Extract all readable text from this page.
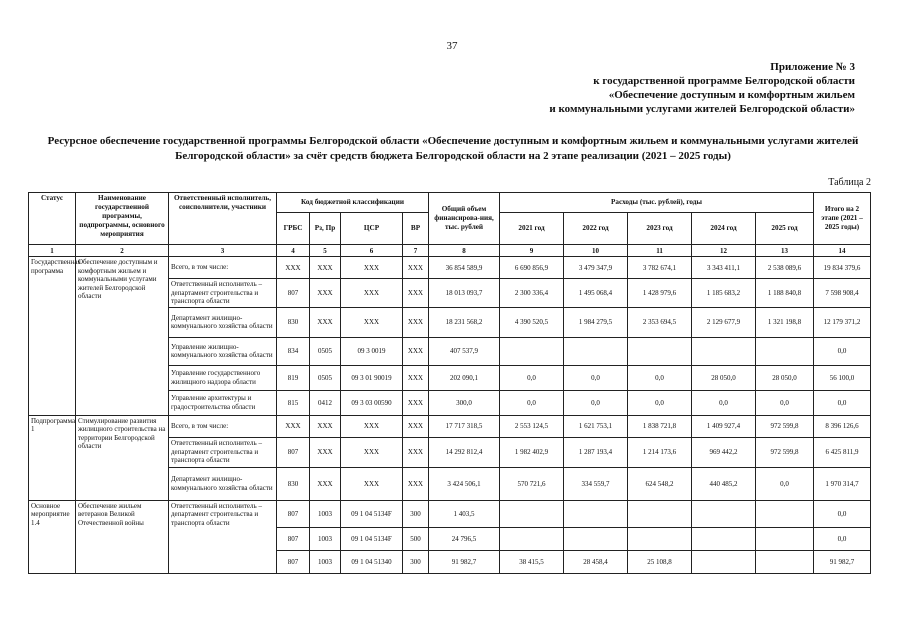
37
Приложение № 3
к государственной программе Белгородской области
«Обеспечение доступным и комфортным жильем
и коммунальными услугами жителей Белгородской области»
Ресурсное обеспечение государственной программы Белгородской области «Обеспечение доступным и комфортным жильем и коммунальными услугами жителей
Белгородской области» за счёт средств бюджета Белгородской области на 2 этапе реализации (2021 – 2025 годы)
Таблица 2
Статус	Наименование государственной программы, подпрограммы, основного мероприятия	Ответственный исполнитель, соисполнители, участники	Код бюджетной классификации				Общий объем финансирова-ния, тыс. рублей	Расходы (тыс. рублей), годы					Итого на 2 этапе (2021 – 2025 годы)
			ГРБС	Рз, Пр	ЦСР	ВР		2021 год	2022 год	2023 год	2024 год	2025 год	
1	2	3	4	5	6	7	8	9	10	11	12	13	14
Государственная программа	Обеспечение доступным и комфортным жильем и коммунальными услугами жителей Белгородской области	Всего, в том числе:	ХХХ	ХХХ	ХХХ	ХХХ	36 854 589,9	6 690 856,9	3 479 347,9	3 782 674,1	3 343 411,1	2 538 089,6	19 834 379,6
		Ответственный исполнитель – департамент строительства и транспорта области	807	ХХХ	ХХХ	ХХХ	18 013 093,7	2 300 336,4	1 495 068,4	1 428 979,6	1 185 683,2	1 188 840,8	7 598 908,4
		Департамент жилищно-коммунального хозяйства области	830	ХХХ	ХХХ	ХХХ	18 231 568,2	4 390 520,5	1 984 279,5	2 353 694,5	2 129 677,9	1 321 198,8	12 179 371,2
		Управление жилищно-коммунального хозяйства области	834	0505	09 3 0019	ХХХ	407 537,9						0,0
		Управление государственного жилищного надзора области	819	0505	09 3 01 90019	ХХХ	202 090,1	0,0	0,0	0,0	28 050,0	28 050,0	56 100,0
		Управление архитектуры и градостроительства области	815	0412	09 3 03 00590	ХХХ	300,0	0,0	0,0	0,0	0,0	0,0	0,0
Подпрограмма 1	Стимулирование развития жилищного строительства на территории Белгородской области	Всего, в том числе:	ХХХ	ХХХ	ХХХ	ХХХ	17 717 318,5	2 553 124,5	1 621 753,1	1 838 721,8	1 409 927,4	972 599,8	8 396 126,6
		Ответственный исполнитель – департамент строительства и транспорта области	807	ХХХ	ХХХ	ХХХ	14 292 812,4	1 982 402,9	1 287 193,4	1 214 173,6	969 442,2	972 599,8	6 425 811,9
		Департамент жилищно-коммунального хозяйства области	830	ХХХ	ХХХ	ХХХ	3 424 506,1	570 721,6	334 559,7	624 548,2	440 485,2	0,0	1 970 314,7
Основное мероприятие 1.4	Обеспечение жильем ветеранов Великой Отечественной войны	Ответственный исполнитель – департамент строительства и транспорта области	807	1003	09 1 04 5134F	300	1 403,5						0,0
			807	1003	09 1 04 5134F	500	24 796,5						0,0
			807	1003	09 1 04 51340	300	91 982,7	38 415,5	28 458,4	25 108,8			91 982,7
